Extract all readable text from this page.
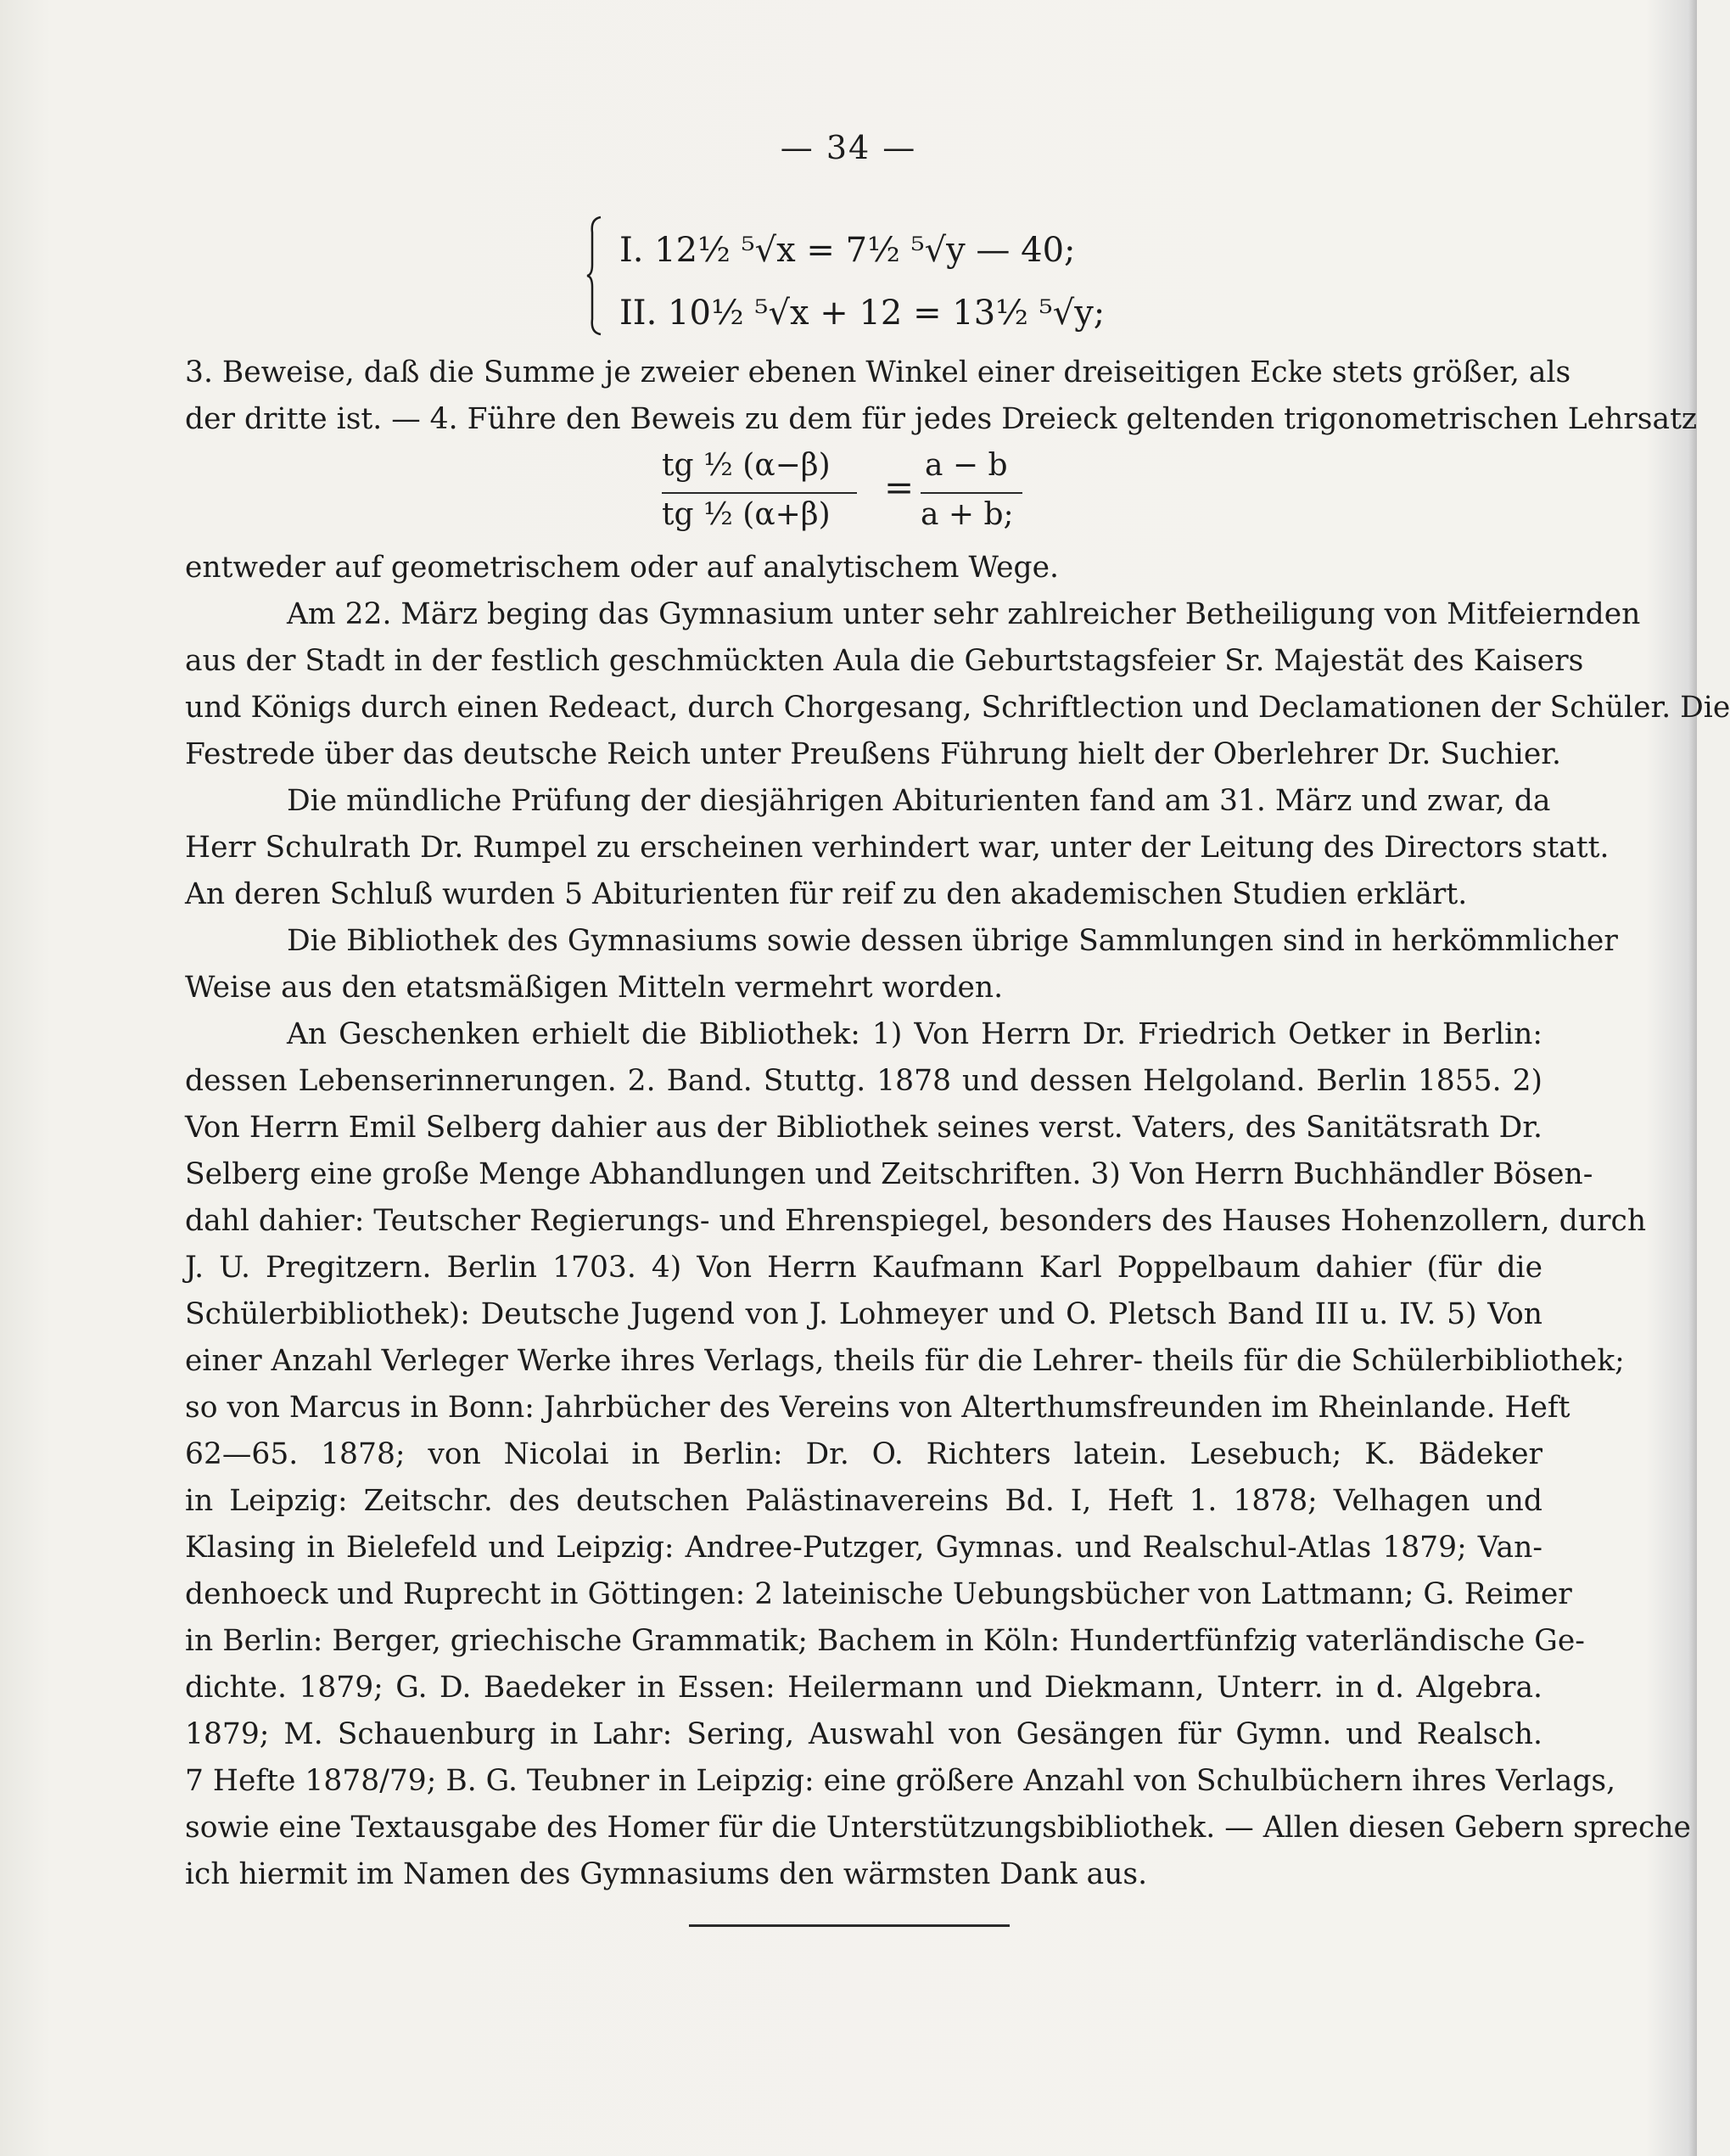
— 34 —
I. 12½ ⁵√x = 7½ ⁵√y — 40;
II. 10½ ⁵√x + 12 = 13½ ⁵√y;
3. Beweise, daß die Summe je zweier ebenen Winkel einer dreiseitigen Ecke stets größer, als
der dritte ist. — 4. Führe den Beweis zu dem für jedes Dreieck geltenden trigonometrischen Lehrsatz
tg ½ (α−β)
tg ½ (α+β)
=
a − b
a + b;
entweder auf geometrischem oder auf analytischem Wege.
Am 22. März beging das Gymnasium unter sehr zahlreicher Betheiligung von Mitfeiernden
aus der Stadt in der festlich geschmückten Aula die Geburtstagsfeier Sr. Majestät des Kaisers
und Königs durch einen Redeact, durch Chorgesang, Schriftlection und Declamationen der Schüler. Die
Festrede über das deutsche Reich unter Preußens Führung hielt der Oberlehrer Dr. Suchier.
Die mündliche Prüfung der diesjährigen Abiturienten fand am 31. März und zwar, da
Herr Schulrath Dr. Rumpel zu erscheinen verhindert war, unter der Leitung des Directors statt.
An deren Schluß wurden 5 Abiturienten für reif zu den akademischen Studien erklärt.
Die Bibliothek des Gymnasiums sowie dessen übrige Sammlungen sind in herkömmlicher
Weise aus den etatsmäßigen Mitteln vermehrt worden.
An Geschenken erhielt die Bibliothek: 1) Von Herrn Dr. Friedrich Oetker in Berlin:
dessen Lebenserinnerungen. 2. Band. Stuttg. 1878 und dessen Helgoland. Berlin 1855. 2)
Von Herrn Emil Selberg dahier aus der Bibliothek seines verst. Vaters, des Sanitätsrath Dr.
Selberg eine große Menge Abhandlungen und Zeitschriften. 3) Von Herrn Buchhändler Bösen-
dahl dahier: Teutscher Regierungs- und Ehrenspiegel, besonders des Hauses Hohenzollern, durch
J. U. Pregitzern. Berlin 1703. 4) Von Herrn Kaufmann Karl Poppelbaum dahier (für die
Schülerbibliothek): Deutsche Jugend von J. Lohmeyer und O. Pletsch Band III u. IV. 5) Von
einer Anzahl Verleger Werke ihres Verlags, theils für die Lehrer- theils für die Schülerbibliothek;
so von Marcus in Bonn: Jahrbücher des Vereins von Alterthumsfreunden im Rheinlande. Heft
62—65. 1878; von Nicolai in Berlin: Dr. O. Richters latein. Lesebuch; K. Bädeker
in Leipzig: Zeitschr. des deutschen Palästinavereins Bd. I, Heft 1. 1878; Velhagen und
Klasing in Bielefeld und Leipzig: Andree-Putzger, Gymnas. und Realschul-Atlas 1879; Van-
denhoeck und Ruprecht in Göttingen: 2 lateinische Uebungsbücher von Lattmann; G. Reimer
in Berlin: Berger, griechische Grammatik; Bachem in Köln: Hundertfünfzig vaterländische Ge-
dichte. 1879; G. D. Baedeker in Essen: Heilermann und Diekmann, Unterr. in d. Algebra.
1879; M. Schauenburg in Lahr: Sering, Auswahl von Gesängen für Gymn. und Realsch.
7 Hefte 1878/79; B. G. Teubner in Leipzig: eine größere Anzahl von Schulbüchern ihres Verlags,
sowie eine Textausgabe des Homer für die Unterstützungsbibliothek. — Allen diesen Gebern spreche
ich hiermit im Namen des Gymnasiums den wärmsten Dank aus.
